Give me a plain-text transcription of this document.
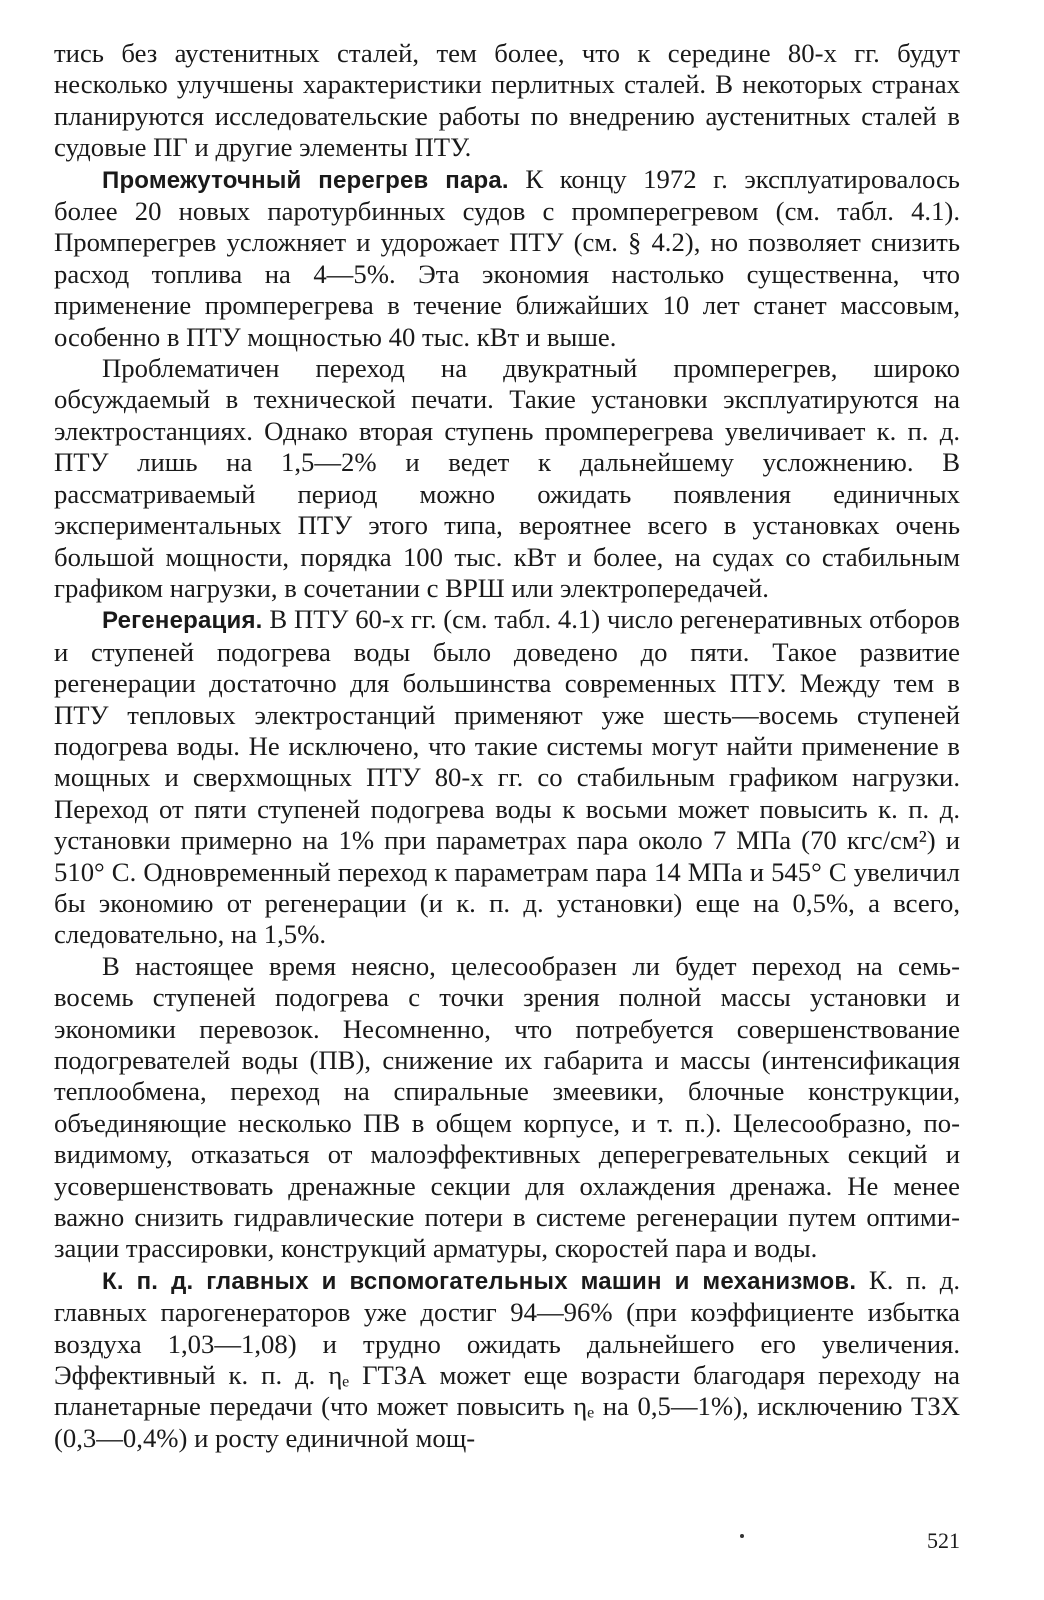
тись без аустенитных сталей, тем более, что к середине 80-х гг. будут несколько улучшены характеристики перлитных сталей. В некоторых странах планируются исследовательские работы по внедрению аустенитных сталей в судовые ПГ и другие элементы ПТУ.

Промежуточный перегрев пара. К концу 1972 г. эксплуатировалось более 20 новых паротурбинных судов с промперегревом (см. табл. 4.1). Промперегрев усложняет и удорожает ПТУ (см. § 4.2), но позволяет снизить расход топлива на 4—5%. Эта экономия настолько существенна, что применение промперегрева в течение ближайших 10 лет станет массовым, особенно в ПТУ мощностью 40 тыс. кВт и выше.

Проблематичен переход на двукратный промперегрев, широко обсуждаемый в технической печати. Такие установки эксплуатируются на электростанциях. Однако вторая ступень промперегрева увеличивает к. п. д. ПТУ лишь на 1,5—2% и ведет к дальнейшему усложнению. В рассматриваемый период можно ожидать появления единичных экспериментальных ПТУ этого типа, вероятнее всего в установках очень большой мощности, порядка 100 тыс. кВт и более, на судах со стабильным графиком нагрузки, в сочетании с ВРШ или электропередачей.

Регенерация. В ПТУ 60-х гг. (см. табл. 4.1) число регенеративных отборов и ступеней подогрева воды было доведено до пяти. Такое развитие регенерации достаточно для большинства современных ПТУ. Между тем в ПТУ тепловых электростанций применяют уже шесть—восемь ступеней подогрева воды. Не исключено, что такие системы могут найти применение в мощных и сверхмощных ПТУ 80-х гг. со стабильным графиком нагрузки. Переход от пяти ступеней подогрева воды к восьми может повысить к. п. д. установки примерно на 1% при параметрах пара около 7 МПа (70 кгс/см²) и 510° С. Одновременный переход к параметрам пара 14 МПа и 545° С увеличил бы экономию от регенерации (и к. п. д. установки) еще на 0,5%, а всего, следовательно, на 1,5%.

В настоящее время неясно, целесообразен ли будет переход на семь-восемь ступеней подогрева с точки зрения полной массы установки и экономики перевозок. Несомненно, что потребуется совершенствование подогревателей воды (ПВ), снижение их габарита и массы (интенсификация теплообмена, переход на спиральные змеевики, блочные конструкции, объединяющие несколько ПВ в общем корпусе, и т. п.). Целесообразно, по-видимому, отказаться от малоэффективных деперегревательных секций и усовершенствовать дренажные секции для охлаждения дренажа. Не менее важно снизить гидравлические потери в системе регенерации путем оптимизации трассировки, конструкций арматуры, скоростей пара и воды.

К. п. д. главных и вспомогательных машин и механизмов. К. п. д. главных парогенераторов уже достиг 94—96% (при коэффициенте избытка воздуха 1,03—1,08) и трудно ожидать дальнейшего его увеличения. Эффективный к. п. д. ηₑ ГТЗА может еще возрасти благодаря переходу на планетарные передачи (что может повысить ηₑ на 0,5—1%), исключению ТЗХ (0,3—0,4%) и росту единичной мощ-

521
